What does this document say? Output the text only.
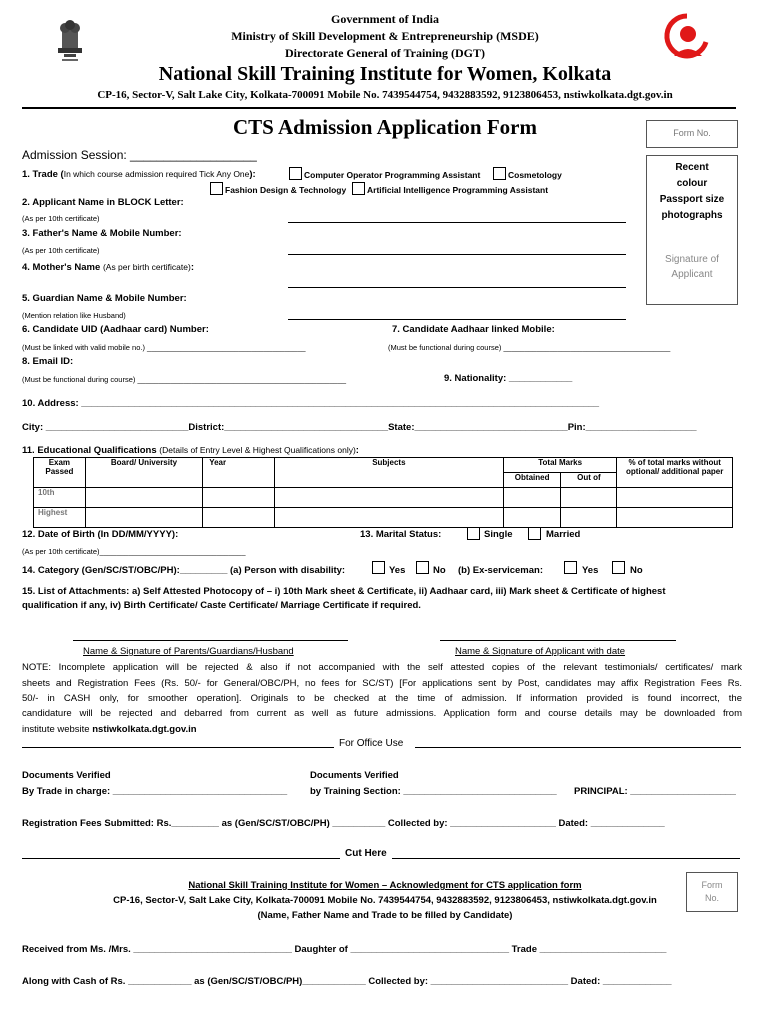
Government of India
Ministry of Skill Development & Entrepreneurship (MSDE)
Directorate General of Training (DGT)
National Skill Training Institute for Women, Kolkata
CP-16, Sector-V, Salt Lake City, Kolkata-700091 Mobile No. 7439544754, 9432883592, 9123806453, nstiwkolkata.dgt.gov.in
CTS Admission Application Form	Form No.
Admission Session: ___________________
Recent colour Passport size photographs
Signature of Applicant
1. Trade (In which course admission required Tick Any One):	Computer Operator Programming Assistant	Cosmetology
Fashion Design & Technology Artificial Intelligence Programming Assistant
2. Applicant Name in BLOCK Letter:
(As per 10th certificate)
3. Father's Name & Mobile Number:
(As per 10th certificate)
4. Mother's Name (As per birth certificate):
5. Guardian Name & Mobile Number:
(Mention relation like Husband)
6. Candidate UID (Aadhaar card) Number:	7. Candidate Aadhaar linked Mobile:
(Must be linked with valid mobile no.) ______________________________________	(Must be functional during course) ________________________________________
8. Email ID:
(Must be functional during course) __________________________________________________	9. Nationality: ____________
10. Address: __________________________________________________________________________________________________
City: ___________________________District:_______________________________State:_____________________________Pin:_____________________
11. Educational Qualifications (Details of Entry Level & Highest Qualifications only):
Exam Passed	Board/ University	Year	Subjects	Total Marks		% of total marks without optional/ additional paper
				Obtained	Out of	
10th						
Highest						
12. Date of Birth (In DD/MM/YYYY):	13. Marital Status:	Single	Married
(As per 10th certificate)___________________________________
14. Category (Gen/SC/ST/OBC/PH):_________ (a) Person with disability:	Yes	No (b) Ex-serviceman:	Yes	No
15. List of Attachments: a) Self Attested Photocopy of – i) 10th Mark sheet & Certificate, ii) Aadhaar card, iii) Mark sheet & Certificate of highest
qualification if any, iv) Birth Certificate/ Caste Certificate/ Marriage Certificate if required.
Name & Signature of Parents/Guardians/Husband	Name & Signature of Applicant with date
NOTE: Incomplete application will be rejected & also if not accompanied with the self attested copies of the relevant testimonials/ certificates/ mark
sheets and Registration Fees (Rs. 50/- for General/OBC/PH, no fees for SC/ST) [For applications sent by Post, candidates may affix Registration Fees Rs.
50/- in CASH only, for smoother operation]. Originals to be checked at the time of admission. If information provided is found incorrect, the
candidature will be rejected and debarred from current as well as future admissions. Application form and course details may be downloaded from
institute website nstiwkolkata.dgt.gov.in
For Office Use
Documents Verified
By Trade in charge: _________________________________
Documents Verified
by Training Section: _____________________________ PRINCIPAL: ____________________
Registration Fees Submitted: Rs._________ as (Gen/SC/ST/OBC/PH) __________ Collected by: ____________________ Dated: ______________
Cut Here
National Skill Training Institute for Women – Acknowledgment for CTS application form
CP-16, Sector-V, Salt Lake City, Kolkata-700091 Mobile No. 7439544754, 9432883592, 9123806453, nstiwkolkata.dgt.gov.in
(Name, Father Name and Trade to be filled by Candidate)
Form No.
Received from Ms. /Mrs. ______________________________ Daughter of ______________________________ Trade ________________________
Along with Cash of Rs. ____________ as (Gen/SC/ST/OBC/PH)____________ Collected by: __________________________ Dated: _____________
